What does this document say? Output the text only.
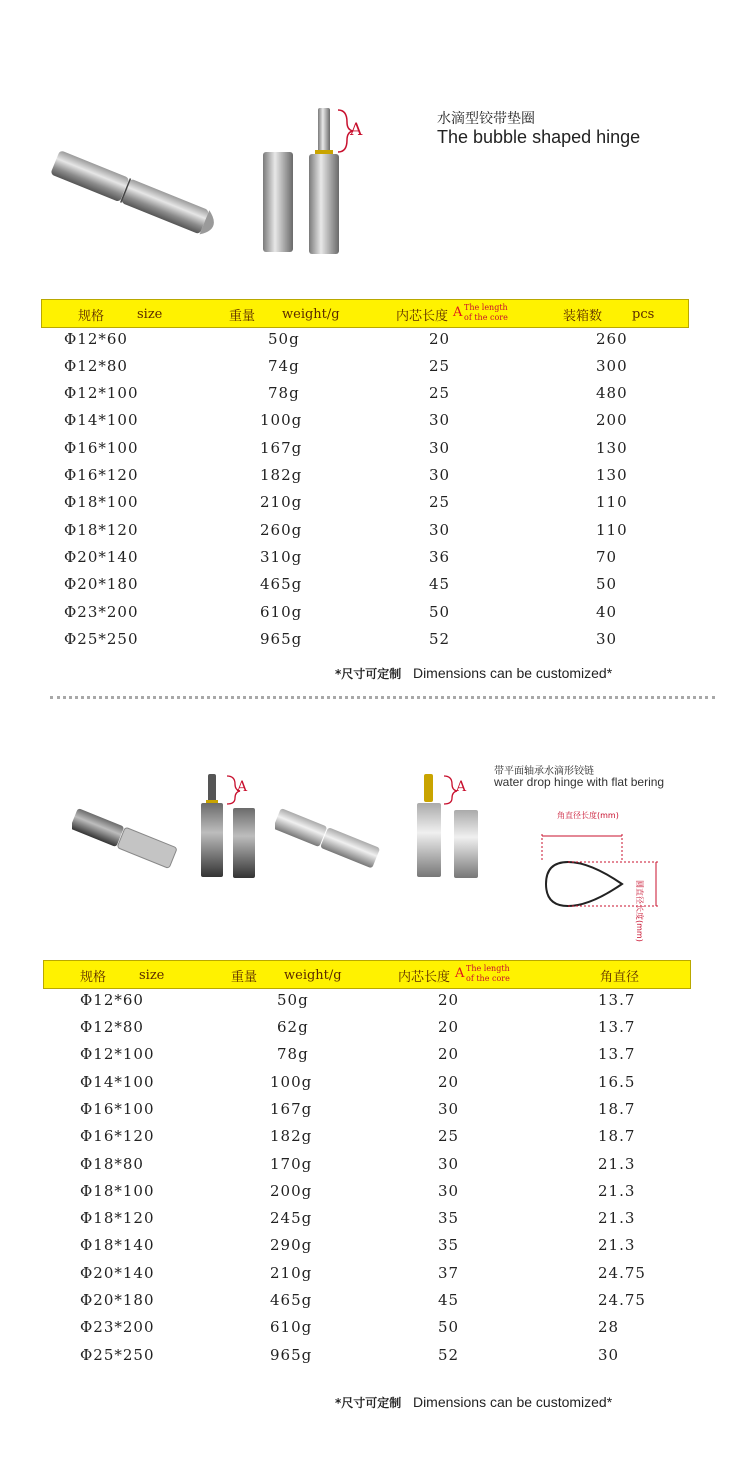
A
水滴型铰带垫圈
The bubble shaped hinge
规格	size	重量 weight/g	内芯长度 A The length
of the core	装箱数 pcs
Φ12*60	50g	20	260
Φ12*80	74g	25	300
Φ12*100	78g	25	480
Φ14*100	100g	30	200
Φ16*100	167g	30	130
Φ16*120	182g	30	130
Φ18*100	210g	25	110
Φ18*120	260g	30	110
Φ20*140	310g	36	70
Φ20*180	465g	45	50
Φ23*200	610g	50	40
Φ25*250	965g	52	30
*尺寸可定制 Dimensions can be customized*
带平面轴承水滴形铰链
water drop hinge with flat bering
A	A
角直径长度(mm)
圆直径长度(mm)
规格	size	重量 weight/g	内芯长度 A The length
of the core	角直径
Φ12*60	50g	20	13.7
Φ12*80	62g	20	13.7
Φ12*100	78g	20	13.7
Φ14*100	100g	20	16.5
Φ16*100	167g	30	18.7
Φ16*120	182g	25	18.7
Φ18*80	170g	30	21.3
Φ18*100	200g	30	21.3
Φ18*120	245g	35	21.3
Φ18*140	290g	35	21.3
Φ20*140	210g	37	24.75
Φ20*180	465g	45	24.75
Φ23*200	610g	50	28
Φ25*250	965g	52	30
*尺寸可定制 Dimensions can be customized*
